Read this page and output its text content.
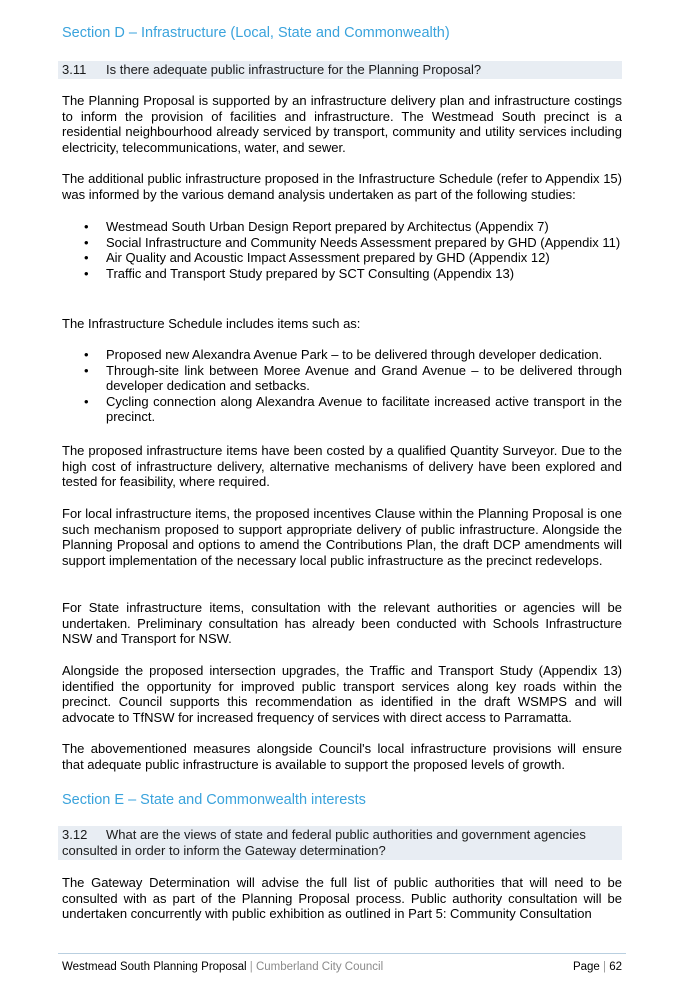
Section D – Infrastructure (Local, State and Commonwealth)
3.11 Is there adequate public infrastructure for the Planning Proposal?

The Planning Proposal is supported by an infrastructure delivery plan and infrastructure costings to inform the provision of facilities and infrastructure. The Westmead South precinct is a residential neighbourhood already serviced by transport, community and utility services including electricity, telecommunications, water, and sewer.

The additional public infrastructure proposed in the Infrastructure Schedule (refer to Appendix 15) was informed by the various demand analysis undertaken as part of the following studies:

• Westmead South Urban Design Report prepared by Architectus (Appendix 7)
• Social Infrastructure and Community Needs Assessment prepared by GHD (Appendix 11)
• Air Quality and Acoustic Impact Assessment prepared by GHD (Appendix 12)
• Traffic and Transport Study prepared by SCT Consulting (Appendix 13)

The Infrastructure Schedule includes items such as:

• Proposed new Alexandra Avenue Park – to be delivered through developer dedication.
• Through-site link between Moree Avenue and Grand Avenue – to be delivered through developer dedication and setbacks.
• Cycling connection along Alexandra Avenue to facilitate increased active transport in the precinct.

The proposed infrastructure items have been costed by a qualified Quantity Surveyor. Due to the high cost of infrastructure delivery, alternative mechanisms of delivery have been explored and tested for feasibility, where required.

For local infrastructure items, the proposed incentives Clause within the Planning Proposal is one such mechanism proposed to support appropriate delivery of public infrastructure. Alongside the Planning Proposal and options to amend the Contributions Plan, the draft DCP amendments will support implementation of the necessary local public infrastructure as the precinct redevelops.

For State infrastructure items, consultation with the relevant authorities or agencies will be undertaken. Preliminary consultation has already been conducted with Schools Infrastructure NSW and Transport for NSW.

Alongside the proposed intersection upgrades, the Traffic and Transport Study (Appendix 13) identified the opportunity for improved public transport services along key roads within the precinct. Council supports this recommendation as identified in the draft WSMPS and will advocate to TfNSW for increased frequency of services with direct access to Parramatta.

The abovementioned measures alongside Council's local infrastructure provisions will ensure that adequate public infrastructure is available to support the proposed levels of growth.

Section E – State and Commonwealth interests
3.12 What are the views of state and federal public authorities and government agencies consulted in order to inform the Gateway determination?

The Gateway Determination will advise the full list of public authorities that will need to be consulted with as part of the Planning Proposal process. Public authority consultation will be undertaken concurrently with public exhibition as outlined in Part 5: Community Consultation

Westmead South Planning Proposal | Cumberland City Council	Page | 62
